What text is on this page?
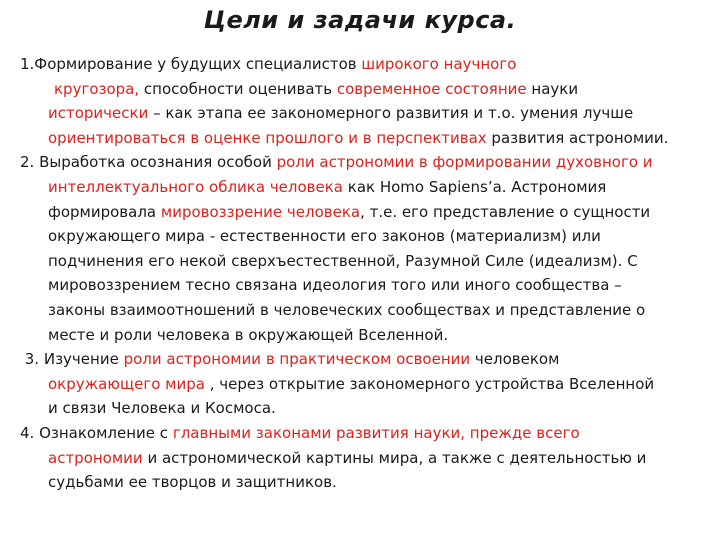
Цели и задачи курса.

1.Формирование у будущих специалистов широкого научного
кругозора, способности оценивать современное состояние науки
исторически – как этапа ее закономерного развития и т.о. умения лучше
ориентироваться в оценке прошлого и в перспективах развития астрономии.

2. Выработка осознания особой роли астрономии в формировании духовного и
интеллектуального облика человека как Homo Sapiens’a. Астрономия
формировала мировоззрение человека, т.е. его представление о сущности
окружающего мира - естественности его законов (материализм) или
подчинения его некой сверхъестественной, Разумной Силе (идеализм). С
мировоззрением тесно связана идеология того или иного сообщества –
законы взаимоотношений в человеческих сообществах и представление о
месте и роли человека в окружающей Вселенной.

3. Изучение роли астрономии в практическом освоении человеком
окружающего мира , через открытие закономерного устройства Вселенной
и связи Человека и Космоса.

4. Ознакомление с главными законами развития науки, прежде всего
астрономии и астрономической картины мира, а также с деятельностью и
судьбами ее творцов и защитников.
